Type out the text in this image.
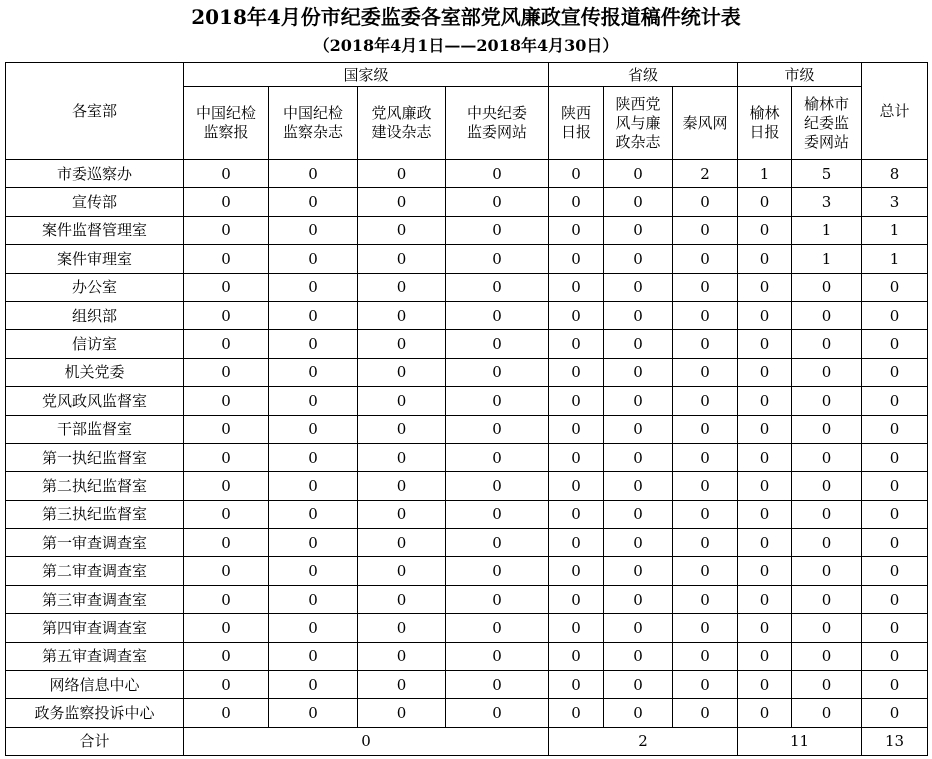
2018年4月份市纪委监委各室部党风廉政宣传报道稿件统计表
（2018年4月1日——2018年4月30日）
各室部	国家级				省级			市级		总计

	中国纪检监察报	中国纪检监察杂志	党风廉政建设杂志	中央纪委监委网站	陕西日报	陕西党风与廉政杂志	秦风网	榆林日报	榆林市纪委监委网站	

市委巡察办	0	0	0	0	0	0	2	1	5	8
宣传部	0	0	0	0	0	0	0	0	3	3
案件监督管理室	0	0	0	0	0	0	0	0	1	1
案件审理室	0	0	0	0	0	0	0	0	1	1
办公室	0	0	0	0	0	0	0	0	0	0
组织部	0	0	0	0	0	0	0	0	0	0
信访室	0	0	0	0	0	0	0	0	0	0
机关党委	0	0	0	0	0	0	0	0	0	0
党风政风监督室	0	0	0	0	0	0	0	0	0	0
干部监督室	0	0	0	0	0	0	0	0	0	0
第一执纪监督室	0	0	0	0	0	0	0	0	0	0
第二执纪监督室	0	0	0	0	0	0	0	0	0	0
第三执纪监督室	0	0	0	0	0	0	0	0	0	0
第一审查调查室	0	0	0	0	0	0	0	0	0	0
第二审查调查室	0	0	0	0	0	0	0	0	0	0
第三审查调查室	0	0	0	0	0	0	0	0	0	0
第四审查调查室	0	0	0	0	0	0	0	0	0	0
第五审查调查室	0	0	0	0	0	0	0	0	0	0
网络信息中心	0	0	0	0	0	0	0	0	0	0
政务监察投诉中心	0	0	0	0	0	0	0	0	0	0
合计	0				2			11		13
